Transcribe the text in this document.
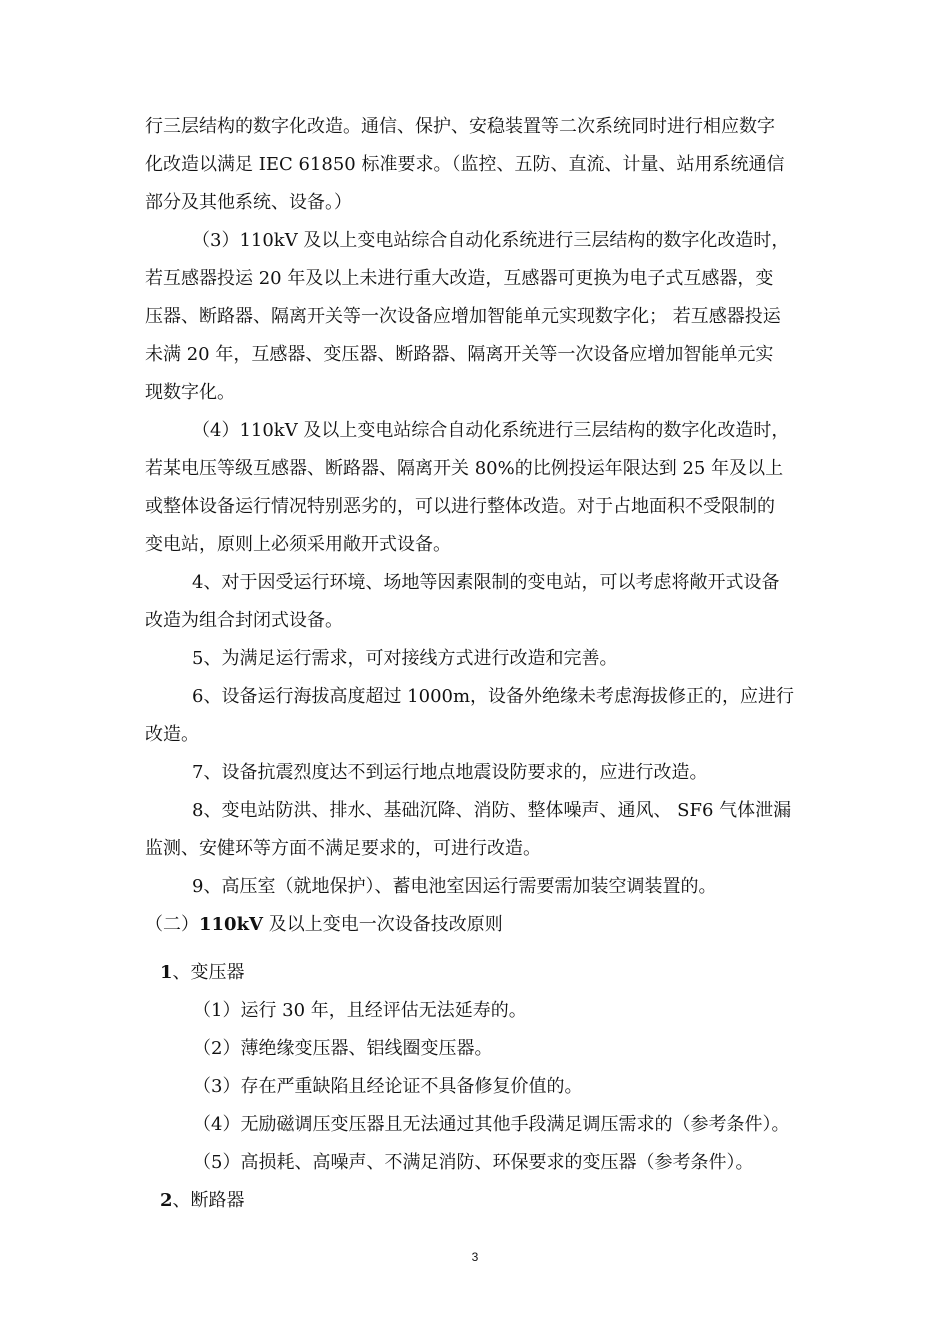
行三层结构的数字化改造。通信、保护、安稳装置等二次系统同时进行相应数字
化改造以满足 IEC 61850 标准要求。（监控、五防、直流、计量、站用系统通信
部分及其他系统、设备。）
（3）110kV 及以上变电站综合自动化系统进行三层结构的数字化改造时，
若互感器投运 20 年及以上未进行重大改造，互感器可更换为电子式互感器，变
压器、断路器、隔离开关等一次设备应增加智能单元实现数字化； 若互感器投运
未满 20 年，互感器、变压器、断路器、隔离开关等一次设备应增加智能单元实
现数字化。
（4）110kV 及以上变电站综合自动化系统进行三层结构的数字化改造时，
若某电压等级互感器、断路器、隔离开关 80%的比例投运年限达到 25 年及以上
或整体设备运行情况特别恶劣的，可以进行整体改造。对于占地面积不受限制的
变电站，原则上必须采用敞开式设备。
4、对于因受运行环境、场地等因素限制的变电站，可以考虑将敞开式设备
改造为组合封闭式设备。
5、为满足运行需求，可对接线方式进行改造和完善。
6、设备运行海拔高度超过 1000m，设备外绝缘未考虑海拔修正的，应进行
改造。
7、设备抗震烈度达不到运行地点地震设防要求的，应进行改造。
8、变电站防洪、排水、基础沉降、消防、整体噪声、通风、 SF6 气体泄漏
监测、安健环等方面不满足要求的，可进行改造。
9、高压室（就地保护）、蓄电池室因运行需要需加装空调装置的。
（二）110kV 及以上变电一次设备技改原则
1、变压器
（1）运行 30 年，且经评估无法延寿的。
（2）薄绝缘变压器、铝线圈变压器。
（3）存在严重缺陷且经论证不具备修复价值的。
（4）无励磁调压变压器且无法通过其他手段满足调压需求的（参考条件）。
（5）高损耗、高噪声、不满足消防、环保要求的变压器（参考条件）。
2、断路器
3
